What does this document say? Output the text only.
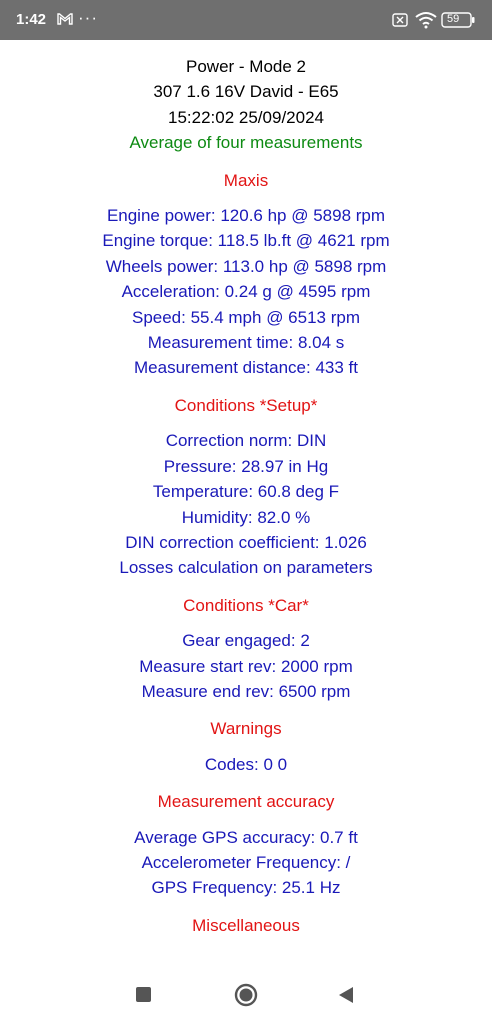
1:42 ···	59
Power - Mode 2
307 1.6 16V David - E65
15:22:02 25/09/2024
Average of four measurements
Maxis
Engine power: 120.6 hp @ 5898 rpm
Engine torque: 118.5 lb.ft @ 4621 rpm
Wheels power: 113.0 hp @ 5898 rpm
Acceleration: 0.24 g @ 4595 rpm
Speed: 55.4 mph @ 6513 rpm
Measurement time: 8.04 s
Measurement distance: 433 ft
Conditions *Setup*
Correction norm: DIN
Pressure: 28.97 in Hg
Temperature: 60.8 deg F
Humidity: 82.0 %
DIN correction coefficient: 1.026
Losses calculation on parameters
Conditions *Car*
Gear engaged: 2
Measure start rev: 2000 rpm
Measure end rev: 6500 rpm
Warnings
Codes: 0 0
Measurement accuracy
Average GPS accuracy: 0.7 ft
Accelerometer Frequency: /
GPS Frequency: 25.1 Hz
Miscellaneous
